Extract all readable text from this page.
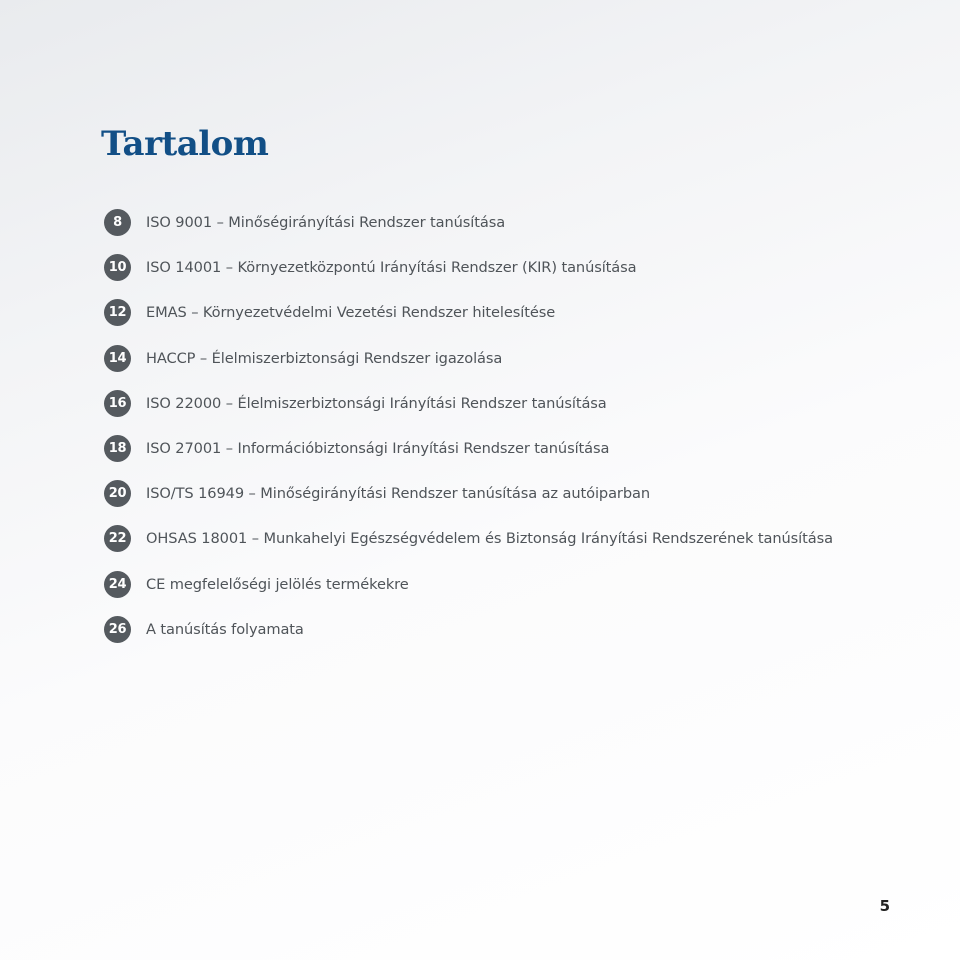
Tartalom
8	ISO 9001 – Minőségirányítási Rendszer tanúsítása
10	ISO 14001 – Környezetközpontú Irányítási Rendszer (KIR) tanúsítása
12	EMAS – Környezetvédelmi Vezetési Rendszer hitelesítése
14	HACCP – Élelmiszerbiztonsági Rendszer igazolása
16	ISO 22000 – Élelmiszerbiztonsági Irányítási Rendszer tanúsítása
18	ISO 27001 – Információbiztonsági Irányítási Rendszer tanúsítása
20	ISO/TS 16949 – Minőségirányítási Rendszer tanúsítása az autóiparban
22	OHSAS 18001 – Munkahelyi Egészségvédelem és Biztonság Irányítási Rendszerének tanúsítása
24	CE megfelelőségi jelölés termékekre
26	A tanúsítás folyamata
5
